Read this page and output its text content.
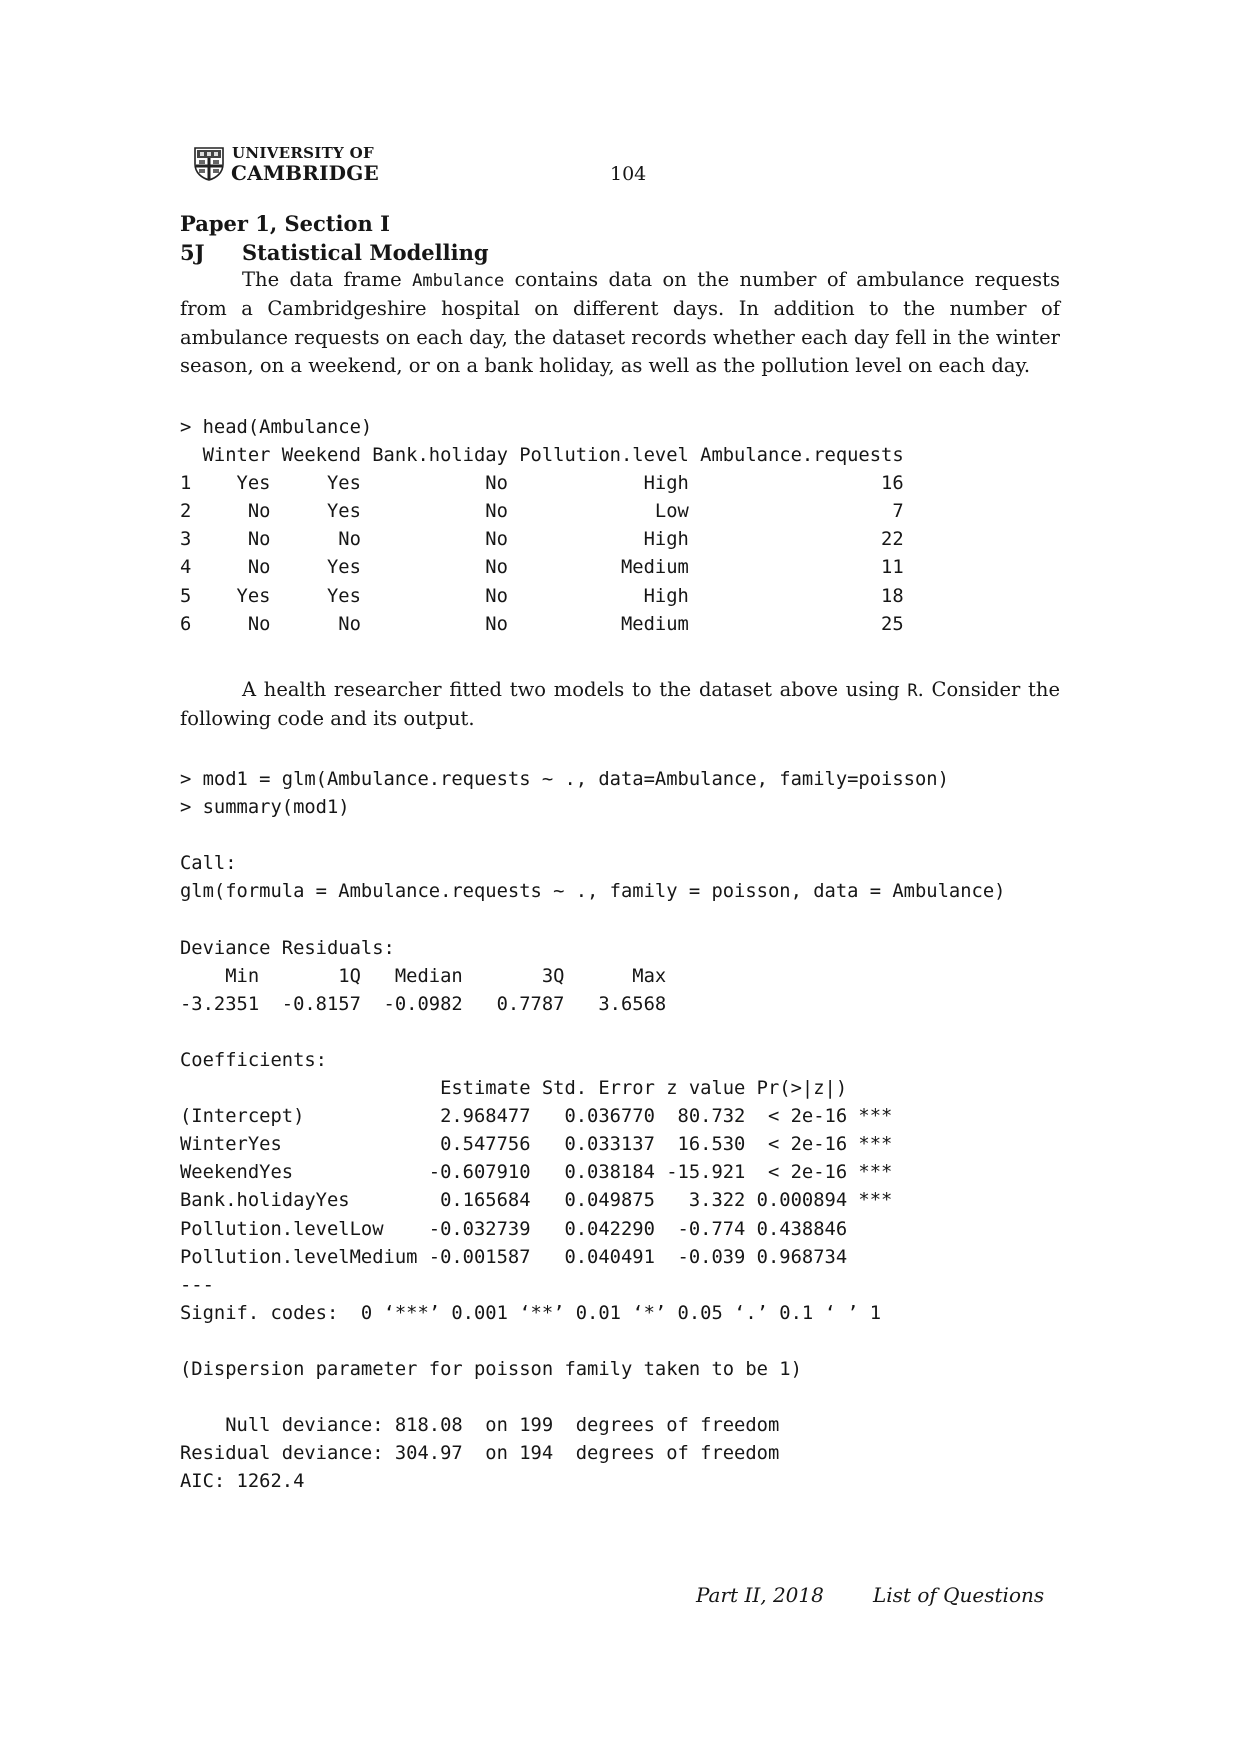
UNIVERSITY OF
CAMBRIDGE	104
Paper 1, Section I
5J Statistical Modelling

The data frame Ambulance contains data on the number of ambulance requests from a Cambridgeshire hospital on different days. In addition to the number of ambulance requests on each day, the dataset records whether each day fell in the winter season, on a weekend, or on a bank holiday, as well as the pollution level on each day.

> head(Ambulance)
Winter Weekend Bank.holiday Pollution.level Ambulance.requests
1    Yes     Yes           No            High                 16
2     No     Yes           No             Low                  7
3     No      No           No            High                 22
4     No     Yes           No          Medium                 11
5    Yes     Yes           No            High                 18
6     No      No           No          Medium                 25

A health researcher fitted two models to the dataset above using R. Consider the following code and its output.

> mod1 = glm(Ambulance.requests ~ ., data=Ambulance, family=poisson)
> summary(mod1)

Call:
glm(formula = Ambulance.requests ~ ., family = poisson, data = Ambulance)

Deviance Residuals:
Min       1Q   Median       3Q      Max
-3.2351  -0.8157  -0.0982   0.7787   3.6568

Coefficients:
Estimate Std. Error z value Pr(>|z|)
(Intercept)            2.968477   0.036770  80.732  < 2e-16 ***
WinterYes              0.547756   0.033137  16.530  < 2e-16 ***
WeekendYes            -0.607910   0.038184 -15.921  < 2e-16 ***
Bank.holidayYes        0.165684   0.049875   3.322 0.000894 ***
Pollution.levelLow    -0.032739   0.042290  -0.774 0.438846
Pollution.levelMedium -0.001587   0.040491  -0.039 0.968734
---
Signif. codes:  0 ‘***’ 0.001 ‘**’ 0.01 ‘*’ 0.05 ‘.’ 0.1 ‘ ’ 1

(Dispersion parameter for poisson family taken to be 1)

Null deviance: 818.08  on 199  degrees of freedom
Residual deviance: 304.97  on 194  degrees of freedom
AIC: 1262.4
Part II, 2018 List of Questions
